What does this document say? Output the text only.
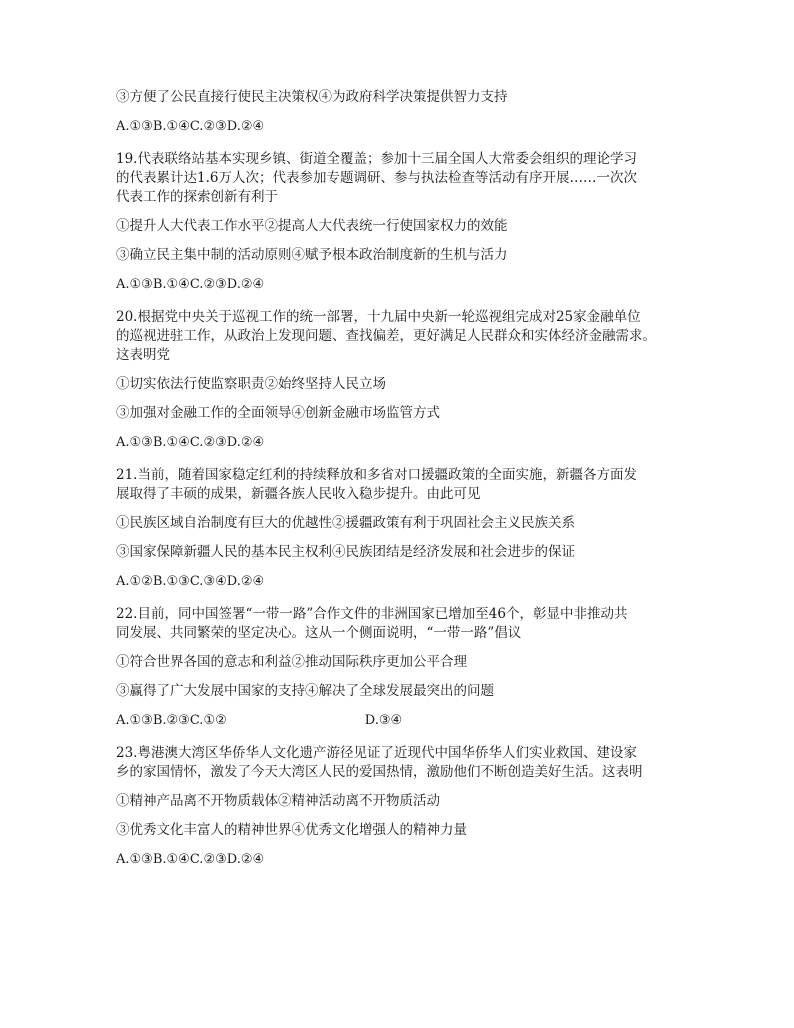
③方便了公民直接行使民主决策权④为政府科学决策提供智力支持
A.①③B.①④C.②③D.②④
19.代表联络站基本实现乡镇、街道全覆盖；参加十三届全国人大常委会组织的理论学习
的代表累计达1.6万人次；代表参加专题调研、参与执法检查等活动有序开展……一次次
代表工作的探索创新有利于
①提升人大代表工作水平②提高人大代表统一行使国家权力的效能
③确立民主集中制的活动原则④赋予根本政治制度新的生机与活力
A.①③B.①④C.②③D.②④
20.根据党中央关于巡视工作的统一部署，十九届中央新一轮巡视组完成对25家金融单位
的巡视进驻工作，从政治上发现问题、查找偏差，更好满足人民群众和实体经济金融需求。
这表明党
①切实依法行使监察职责②始终坚持人民立场
③加强对金融工作的全面领导④创新金融市场监管方式
A.①③B.①④C.②③D.②④
21.当前，随着国家稳定红利的持续释放和多省对口援疆政策的全面实施，新疆各方面发
展取得了丰硕的成果，新疆各族人民收入稳步提升。由此可见
①民族区域自治制度有巨大的优越性②援疆政策有利于巩固社会主义民族关系
③国家保障新疆人民的基本民主权利④民族团结是经济发展和社会进步的保证
A.①②B.①③C.③④D.②④
22.目前，同中国签署“一带一路”合作文件的非洲国家已增加至46个，彰显中非推动共
同发展、共同繁荣的坚定决心。这从一个侧面说明，“一带一路”倡议
①符合世界各国的意志和利益②推动国际秩序更加公平合理
③赢得了广大发展中国家的支持④解决了全球发展最突出的问题
A.①③B.②③C.①②	D.③④
23.粤港澳大湾区华侨华人文化遗产游径见证了近现代中国华侨华人们实业救国、建设家
乡的家国情怀，激发了今天大湾区人民的爱国热情，激励他们不断创造美好生活。这表明
①精神产品离不开物质载体②精神活动离不开物质活动
③优秀文化丰富人的精神世界④优秀文化增强人的精神力量
A.①③B.①④C.②③D.②④
